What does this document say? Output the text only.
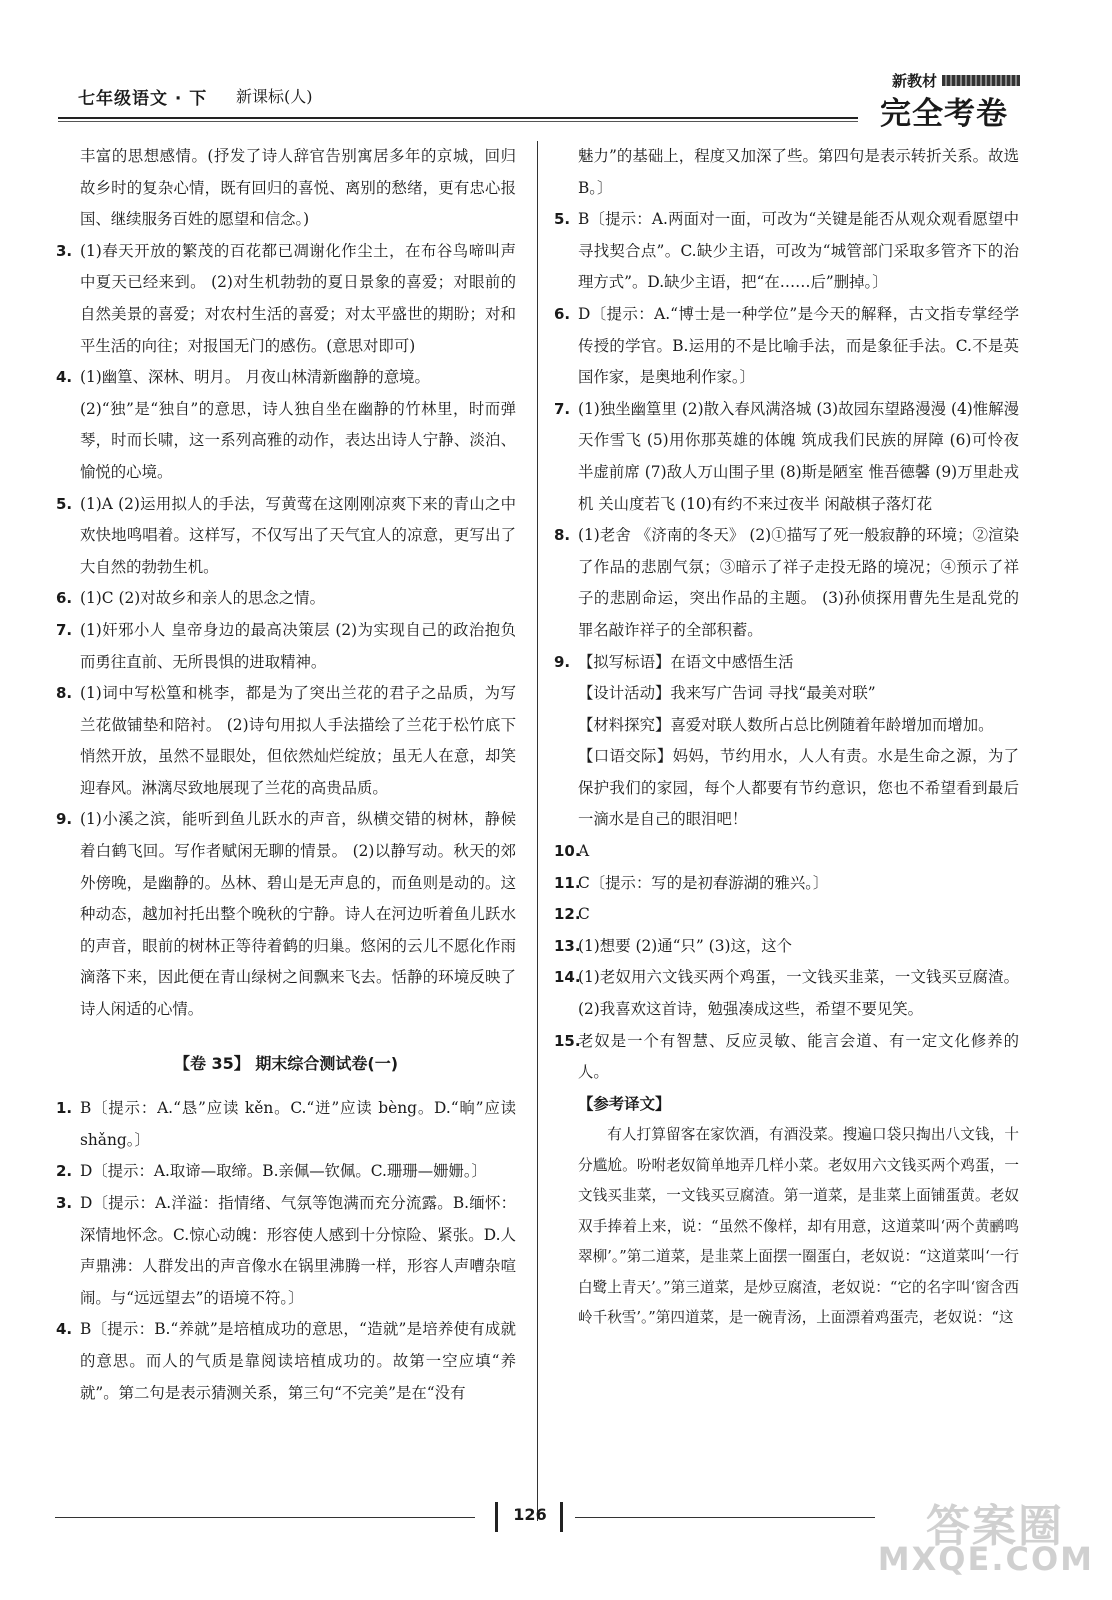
七年级语文 · 下 新课标(人)
新教材
完全考卷
丰富的思想感情。(抒发了诗人辞官告别寓居多年的京城，回归故乡时的复杂心情，既有回归的喜悦、离别的愁绪，更有忠心报国、继续服务百姓的愿望和信念。)
3. (1)春天开放的繁茂的百花都已凋谢化作尘土，在布谷鸟啼叫声中夏天已经来到。 (2)对生机勃勃的夏日景象的喜爱；对眼前的自然美景的喜爱；对农村生活的喜爱；对太平盛世的期盼；对和平生活的向往；对报国无门的感伤。(意思对即可)
4. (1)幽篁、深林、明月。 月夜山林清新幽静的意境。
(2)“独”是“独自”的意思，诗人独自坐在幽静的竹林里，时而弹琴，时而长啸，这一系列高雅的动作，表达出诗人宁静、淡泊、愉悦的心境。
5. (1)A (2)运用拟人的手法，写黄莺在这刚刚凉爽下来的青山之中欢快地鸣唱着。这样写，不仅写出了天气宜人的凉意，更写出了大自然的勃勃生机。
6. (1)C (2)对故乡和亲人的思念之情。
7. (1)奸邪小人 皇帝身边的最高决策层 (2)为实现自己的政治抱负而勇往直前、无所畏惧的进取精神。
8. (1)词中写松篁和桃李，都是为了突出兰花的君子之品质，为写兰花做铺垫和陪衬。 (2)诗句用拟人手法描绘了兰花于松竹底下悄然开放，虽然不显眼处，但依然灿烂绽放；虽无人在意，却笑迎春风。淋漓尽致地展现了兰花的高贵品质。
9. (1)小溪之滨，能听到鱼儿跃水的声音，纵横交错的树林，静候着白鹤飞回。写作者赋闲无聊的情景。 (2)以静写动。秋天的郊外傍晚，是幽静的。丛林、碧山是无声息的，而鱼则是动的。这种动态，越加衬托出整个晚秋的宁静。诗人在河边听着鱼儿跃水的声音，眼前的树林正等待着鹤的归巢。悠闲的云儿不愿化作雨滴落下来，因此便在青山绿树之间飘来飞去。恬静的环境反映了诗人闲适的心情。
【卷 35】 期末综合测试卷(一)
1. B〔提示：A.“恳”应读 kěn。C.“迸”应读 bèng。D.“晌”应读 shǎng。〕
2. D〔提示：A.取谛—取缔。B.亲佩—钦佩。C.珊珊—姗姗。〕
3. D〔提示：A.洋溢：指情绪、气氛等饱满而充分流露。B.缅怀：深情地怀念。C.惊心动魄：形容使人感到十分惊险、紧张。D.人声鼎沸：人群发出的声音像水在锅里沸腾一样，形容人声嘈杂喧闹。与“远远望去”的语境不符。〕
4. B〔提示：B.“养就”是培植成功的意思，“造就”是培养使有成就的意思。而人的气质是靠阅读培植成功的。故第一空应填“养就”。第二句是表示猜测关系，第三句“不完美”是在“没有
魅力”的基础上，程度又加深了些。第四句是表示转折关系。故选 B。〕
5. B〔提示：A.两面对一面，可改为“关键是能否从观众观看愿望中寻找契合点”。C.缺少主语，可改为“城管部门采取多管齐下的治理方式”。D.缺少主语，把“在……后”删掉。〕
6. D〔提示：A.“博士是一种学位”是今天的解释，古文指专掌经学传授的学官。B.运用的不是比喻手法，而是象征手法。C.不是英国作家，是奥地利作家。〕
7. (1)独坐幽篁里 (2)散入春风满洛城 (3)故园东望路漫漫 (4)惟解漫天作雪飞 (5)用你那英雄的体魄 筑成我们民族的屏障 (6)可怜夜半虚前席 (7)敌人万山围子里 (8)斯是陋室 惟吾德馨 (9)万里赴戎机 关山度若飞 (10)有约不来过夜半 闲敲棋子落灯花
8. (1)老舍 《济南的冬天》 (2)①描写了死一般寂静的环境；②渲染了作品的悲剧气氛；③暗示了祥子走投无路的境况；④预示了祥子的悲剧命运，突出作品的主题。 (3)孙侦探用曹先生是乱党的罪名敲诈祥子的全部积蓄。
9. 【拟写标语】在语文中感悟生活
【设计活动】我来写广告词 寻找“最美对联”
【材料探究】喜爱对联人数所占总比例随着年龄增加而增加。
【口语交际】妈妈，节约用水，人人有责。水是生命之源，为了保护我们的家园，每个人都要有节约意识，您也不希望看到最后一滴水是自己的眼泪吧！
10.
A
11.
C〔提示：写的是初春游湖的雅兴。〕
12.
C
13.
(1)想要 (2)通“只” (3)这，这个
14.
(1)老奴用六文钱买两个鸡蛋，一文钱买韭菜，一文钱买豆腐渣。 (2)我喜欢这首诗，勉强凑成这些，希望不要见笑。
15.
老奴是一个有智慧、反应灵敏、能言会道、有一定文化修养的人。
【参考译文】
有人打算留客在家饮酒，有酒没菜。搜遍口袋只掏出八文钱，十分尴尬。吩咐老奴简单地弄几样小菜。老奴用六文钱买两个鸡蛋，一文钱买韭菜，一文钱买豆腐渣。第一道菜，是韭菜上面铺蛋黄。老奴双手捧着上来，说：“虽然不像样，却有用意，这道菜叫‘两个黄鹂鸣翠柳’。”第二道菜，是韭菜上面摆一圈蛋白，老奴说：“这道菜叫‘一行白鹭上青天’。”第三道菜，是炒豆腐渣，老奴说：“它的名字叫‘窗含西岭千秋雪’。”第四道菜，是一碗青汤，上面漂着鸡蛋壳，老奴说：“这
126	答案圈
MXQE.COM
